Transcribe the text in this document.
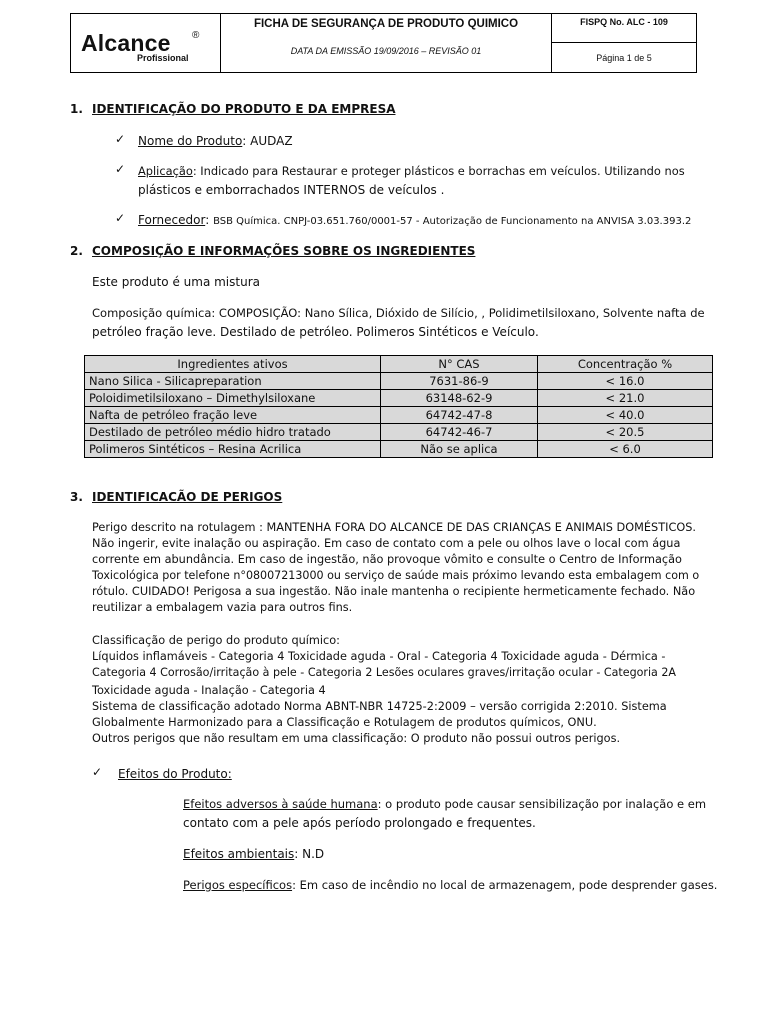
Alcance ®
Profissional
FICHA DE SEGURANÇA DE PRODUTO QUIMICO
DATA DA EMISSÃO 19/09/2016 – REVISÃO 01
FISPQ No. ALC - 109
Página 1 de 5
1. IDENTIFICAÇÃO DO PRODUTO E DA EMPRESA
✓ Nome do Produto: AUDAZ
✓ Aplicação: Indicado para Restaurar e proteger plásticos e borrachas em veículos. Utilizando nos
plásticos e emborrachados INTERNOS de veículos .
✓ Fornecedor: BSB Química. CNPJ-03.651.760/0001-57 - Autorização de Funcionamento na ANVISA 3.03.393.2
2. COMPOSIÇÃO E INFORMAÇÕES SOBRE OS INGREDIENTES
Este produto é uma mistura
Composição química: COMPOSIÇÃO: Nano Sílica, Dióxido de Silício, , Polidimetilsiloxano, Solvente nafta de
petróleo fração leve. Destilado de petróleo. Polimeros Sintéticos e Veículo.
Ingredientes ativos	N° CAS	Concentração %
Nano Silica - Silicapreparation	7631-86-9	< 16.0
Poloidimetilsiloxano – Dimethylsiloxane	63148-62-9	< 21.0
Nafta de petróleo fração leve	64742-47-8	< 40.0
Destilado de petróleo médio hidro tratado	64742-46-7	< 20.5
Polimeros Sintéticos – Resina Acrilica	Não se aplica	< 6.0
3. IDENTIFICACÃO DE PERIGOS
Perigo descrito na rotulagem : MANTENHA FORA DO ALCANCE DE DAS CRIANÇAS E ANIMAIS DOMÉSTICOS.
Não ingerir, evite inalação ou aspiração. Em caso de contato com a pele ou olhos lave o local com água
corrente em abundância. Em caso de ingestão, não provoque vômito e consulte o Centro de Informação
Toxicológica por telefone n°08007213000 ou serviço de saúde mais próximo levando esta embalagem com o
rótulo. CUIDADO! Perigosa a sua ingestão. Não inale mantenha o recipiente hermeticamente fechado. Não
reutilizar a embalagem vazia para outros fins.
Classificação de perigo do produto químico:
Líquidos inflamáveis - Categoria 4 Toxicidade aguda - Oral - Categoria 4 Toxicidade aguda - Dérmica -
Categoria 4 Corrosão/irritação à pele - Categoria 2 Lesões oculares graves/irritação ocular - Categoria 2A
Toxicidade aguda - Inalação - Categoria 4
Sistema de classificação adotado Norma ABNT-NBR 14725-2:2009 – versão corrigida 2:2010. Sistema
Globalmente Harmonizado para a Classificação e Rotulagem de produtos químicos, ONU.
Outros perigos que não resultam em uma classificação: O produto não possui outros perigos.
✓ Efeitos do Produto:
Efeitos adversos à saúde humana: o produto pode causar sensibilização por inalação e em
contato com a pele após período prolongado e frequentes.
Efeitos ambientais: N.D
Perigos específicos: Em caso de incêndio no local de armazenagem, pode desprender gases.
